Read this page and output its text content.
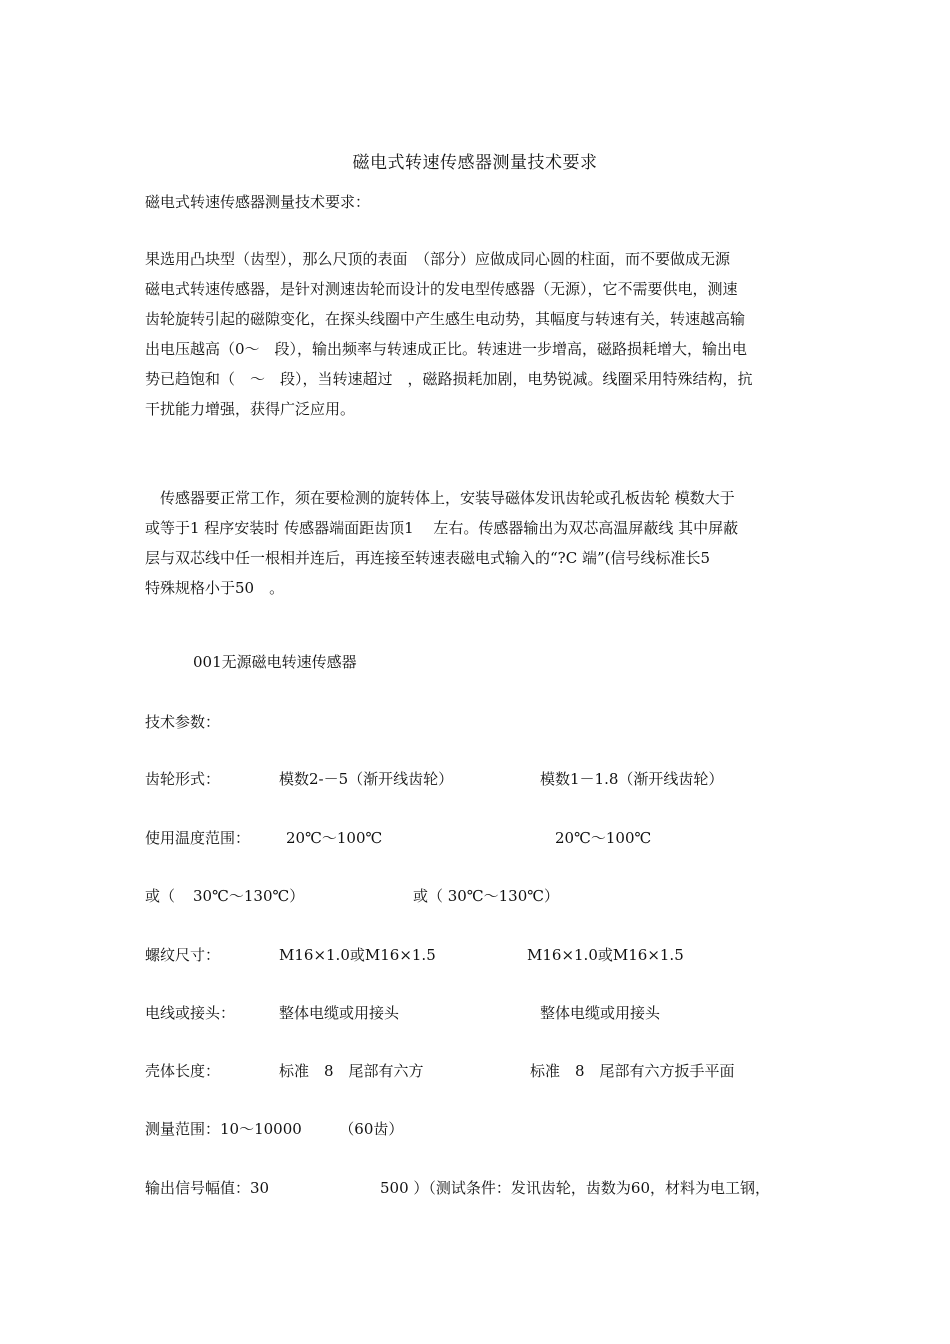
磁电式转速传感器测量技术要求
磁电式转速传感器测量技术要求：

果选用凸块型（齿型），那么尺顶的表面　（部分）应做成同心圆的柱面，而不要做成无源

磁电式转速传感器，是针对测速齿轮而设计的发电型传感器（无源），它不需要供电，测速

齿轮旋转引起的磁隙变化，在探头线圈中产生感生电动势，其幅度与转速有关，转速越高输

出电压越高（0～　段），输出频率与转速成正比。转速进一步增高，磁路损耗增大，输出电

势已趋饱和（　～　段），当转速超过　，磁路损耗加剧，电势锐减。线圈采用特殊结构，抗

干扰能力增强，获得广泛应用。

　传感器要正常工作，须在要检测的旋转体上，安装导磁体发讯齿轮或孔板齿轮 模数大于

或等于1 程序安装时 传感器端面距齿顶1　 左右。传感器输出为双芯高温屏蔽线 其中屏蔽

层与双芯线中任一根相并连后，再连接至转速表磁电式输入的“?C 端”(信号线标准长5

特殊规格小于50　。

001无源磁电转速传感器
技术参数：
齿轮形式：	模数2-－5（渐开线齿轮）	模数1－1.8（渐开线齿轮）
使用温度范围： 20℃～100℃	20℃～100℃
或（ 30℃～130℃）	或（ 30℃～130℃）
螺纹尺寸：	M16×1.0或M16×1.5	M16×1.0或M16×1.5
电线或接头：	整体电缆或用接头	整体电缆或用接头
壳体长度：	标准　8　尾部有六方	标准　8　尾部有六方扳手平面
测量范围：10～10000　　　（60齿）
输出信号幅值：30	500 ）（测试条件：发讯齿轮，齿数为60，材料为电工钢，
